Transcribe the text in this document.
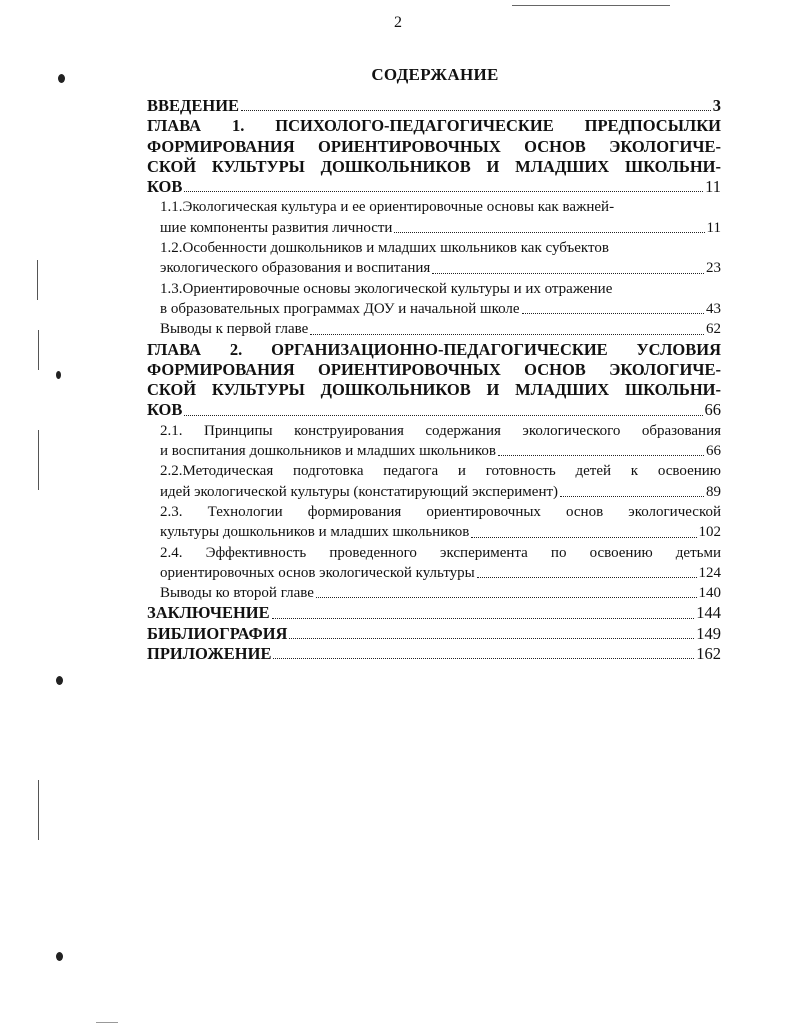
2
СОДЕРЖАНИЕ
ВВЕДЕНИЕ	3
ГЛАВА 1. ПСИХОЛОГО-ПЕДАГОГИЧЕСКИЕ ПРЕДПОСЫЛКИ
ФОРМИРОВАНИЯ ОРИЕНТИРОВОЧНЫХ ОСНОВ ЭКОЛОГИЧЕ-
СКОЙ КУЛЬТУРЫ ДОШКОЛЬНИКОВ И МЛАДШИХ ШКОЛЬНИ-
КОВ	11
1.1.Экологическая культура и ее ориентировочные основы как важней-
шие компоненты развития личности	11
1.2.Особенности дошкольников и младших школьников как субъектов
экологического образования и воспитания	23
1.3.Ориентировочные основы экологической культуры и их отражение
в образовательных программах ДОУ и начальной школе	43
Выводы к первой главе	62
ГЛАВА 2. ОРГАНИЗАЦИОННО-ПЕДАГОГИЧЕСКИЕ УСЛОВИЯ
ФОРМИРОВАНИЯ ОРИЕНТИРОВОЧНЫХ ОСНОВ ЭКОЛОГИЧЕ-
СКОЙ КУЛЬТУРЫ ДОШКОЛЬНИКОВ И МЛАДШИХ ШКОЛЬНИ-
КОВ	66
2.1. Принципы конструирования содержания экологического образования
и воспитания дошкольников и младших школьников	66
2.2.Методическая подготовка педагога и готовность детей к освоению
идей экологической культуры (констатирующий эксперимент)	89
2.3. Технологии формирования ориентировочных основ экологической
культуры дошкольников и младших школьников	102
2.4. Эффективность проведенного эксперимента по освоению детьми
ориентировочных основ экологической культуры	124
Выводы ко второй главе	140
ЗАКЛЮЧЕНИЕ	144
БИБЛИОГРАФИЯ	149
ПРИЛОЖЕНИЕ	162
